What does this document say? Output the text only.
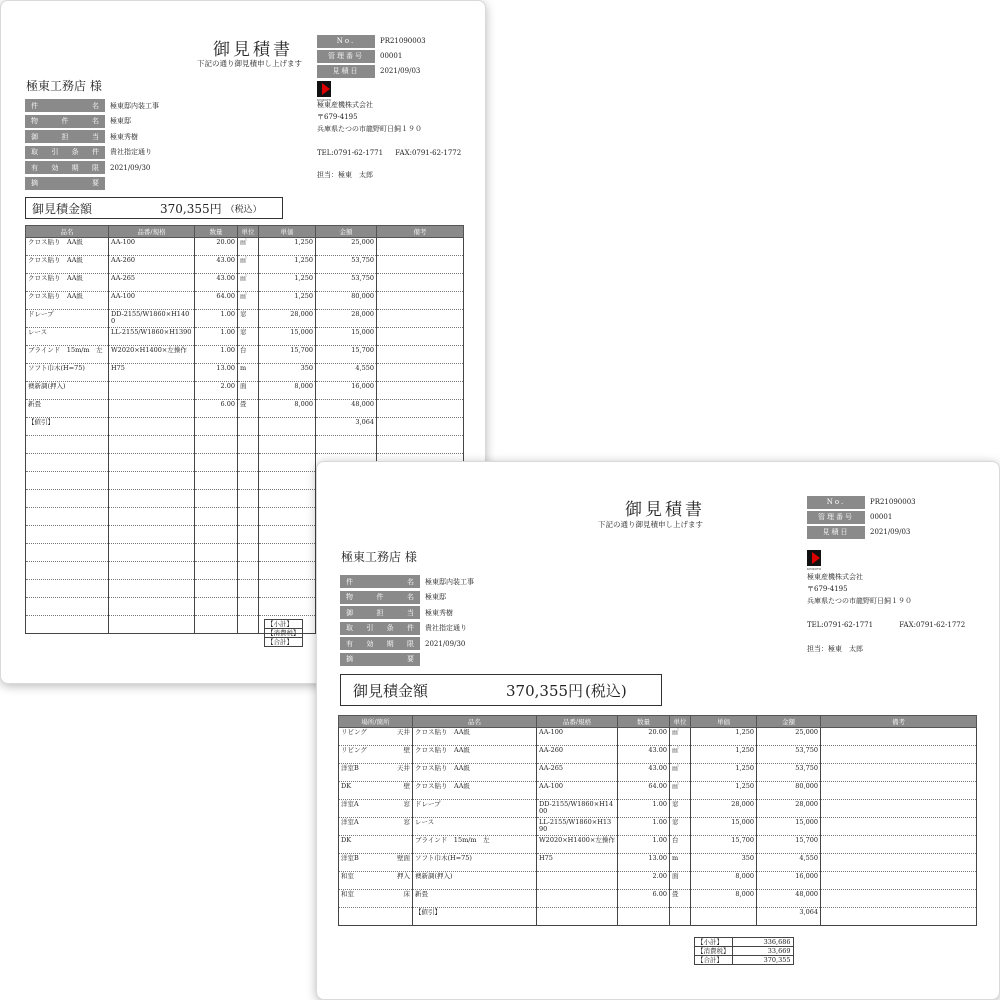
御見積書
下記の通り御見積申し上げます
極東工務店 様
No.	PR21090003
管理番号	00001
見積日	2021/09/03
件	名 極東邸内装工事
物	件	名 極東邸
御	担	当 極東秀樹
取 引 条 件 貴社指定通り
有 効 期 限 2021/09/30
摘	要
KYOKUTO
極東産機株式会社
〒679-4195
兵庫県たつの市龍野町日飼１９０
TEL:0791-62-1771 FAX:0791-62-1772
担当：極東　太郎
御見積金額	370,355円 （税込）
品名	品番/規格	数量	単位	単価	金額	備考
クロス貼り　AA級	AA-100	20.00	㎡	1,250	25,000	
クロス貼り　AA級	AA-260	43.00	㎡	1,250	53,750	
クロス貼り　AA級	AA-265	43.00	㎡	1,250	53,750	
クロス貼り　AA級	AA-100	64.00	㎡	1,250	80,000	
ドレープ	DD-2155/W1860×H1400	1.00	窓	28,000	28,000	
レース	LL-2155/W1860×H1390	1.00	窓	15,000	15,000	
ブラインド　15m/m　左	W2020×H1400×左操作	1.00	台	15,700	15,700	
ソフト巾木(H=75)	H75	13.00	m	350	4,550	
襖新調(押入)		2.00	面	8,000	16,000	
新畳		6.00	畳	8,000	48,000	
【値引】					3,064	

【小計】
【消費税】
【合計】
御見積書
下記の通り御見積申し上げます
極東工務店 様
No.	PR21090003
管理番号	00001
見積日	2021/09/03
件	名 極東邸内装工事
物	件	名 極東邸
御	担	当 極東秀樹
取 引 条 件 貴社指定通り
有 効 期 限 2021/09/30
摘	要
KYOKUTO
極東産機株式会社
〒679-4195
兵庫県たつの市龍野町日飼１９０
TEL:0791-62-1771	FAX:0791-62-1772
担当：極東　太郎
御見積金額	370,355円 (税込)
場所/箇所	品名	品番/規格	数量	単位	単価	金額	備考

リビング 天井	クロス貼り　AA級	AA-100	20.00	㎡	1,250	25,000	

リビング 壁	クロス貼り　AA級	AA-260	43.00	㎡	1,250	53,750	

洋室B 天井	クロス貼り　AA級	AA-265	43.00	㎡	1,250	53,750	

DK 壁	クロス貼り　AA級	AA-100	64.00	㎡	1,250	80,000	

洋室A 窓	ドレープ	DD-2155/W1860×H1400	1.00	窓	28,000	28,000	

洋室A 窓	レース	LL-2155/W1860×H1390	1.00	窓	15,000	15,000	

DK	ブラインド　15m/m　左	W2020×H1400×左操作	1.00	台	15,700	15,700	

洋室B 壁面	ソフト巾木(H=75)	H75	13.00	m	350	4,550	

和室 押入	襖新調(押入)		2.00	面	8,000	16,000	

和室 床	新畳		6.00	畳	8,000	48,000	

	【値引】					3,064	
【小計】	336,686
【消費税】	33,669
【合計】	370,355
